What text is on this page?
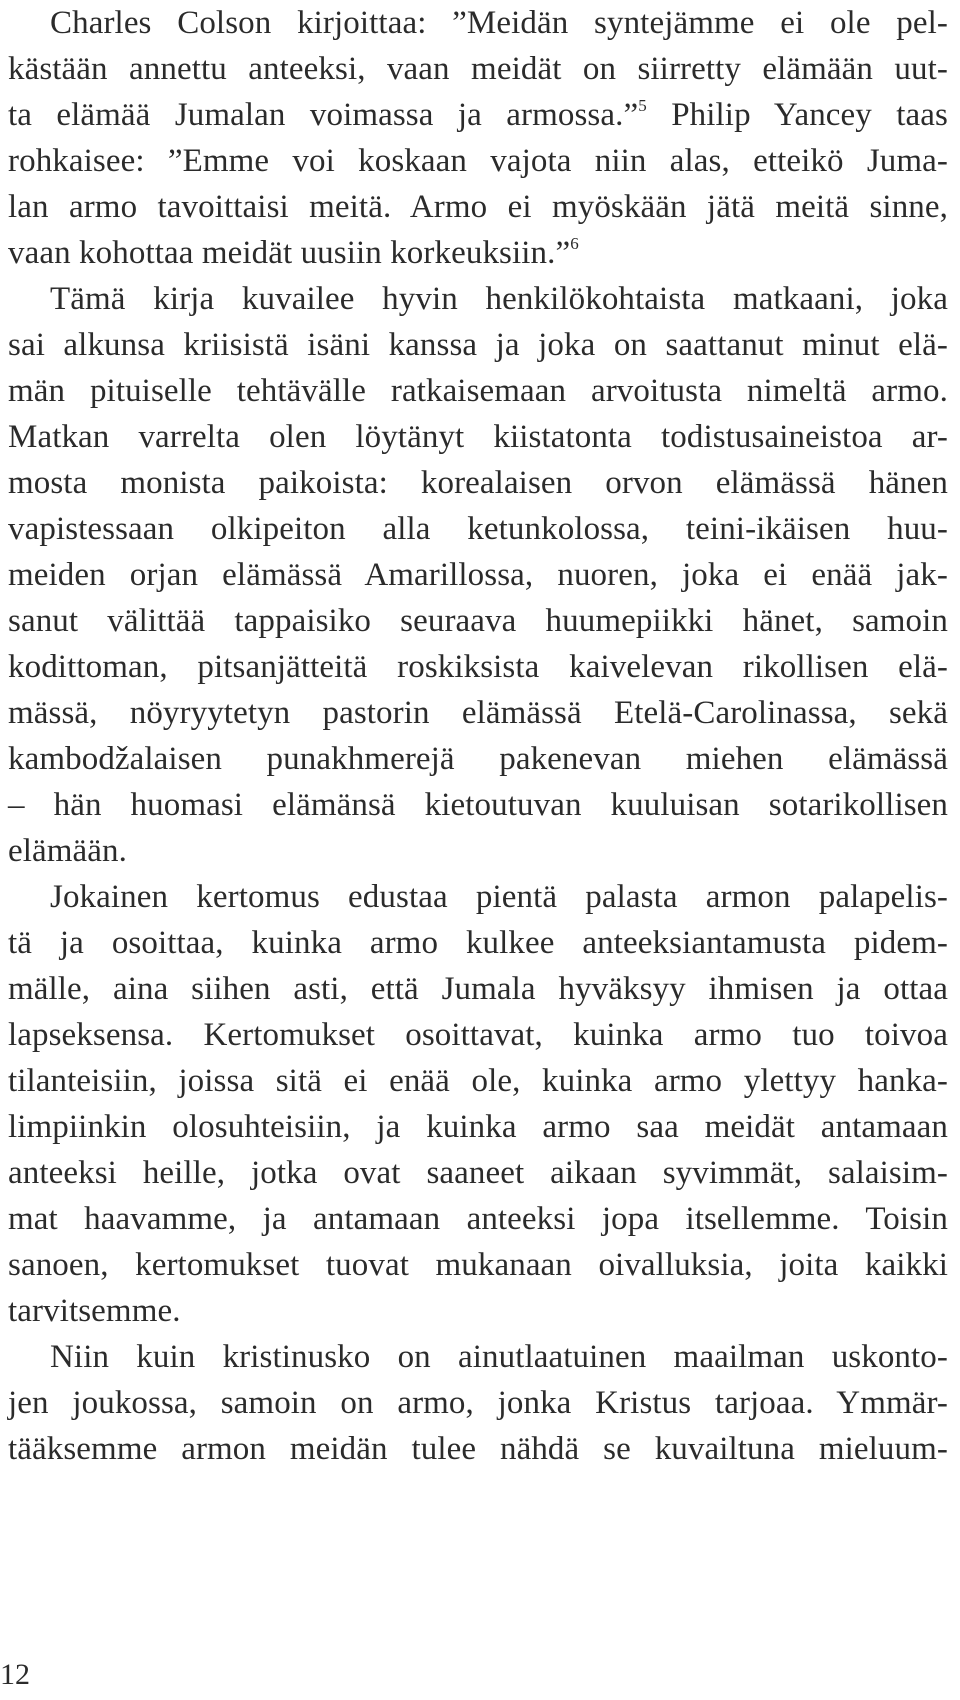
Charles Colson kirjoittaa: ”Meidän syntejämme ei ole pel-
kästään annettu anteeksi, vaan meidät on siirretty elämään uut-
ta elämää Jumalan voimassa ja armossa.”$^5$ Philip Yancey taas
rohkaisee: ”Emme voi koskaan vajota niin alas, etteikö Juma-
lan armo tavoittaisi meitä. Armo ei myöskään jätä meitä sinne,
vaan kohottaa meidät uusiin korkeuksiin.”$^6$
Tämä kirja kuvailee hyvin henkilökohtaista matkaani, joka
sai alkunsa kriisistä isäni kanssa ja joka on saattanut minut elä-
män pituiselle tehtävälle ratkaisemaan arvoitusta nimeltä armo.
Matkan varrelta olen löytänyt kiistatonta todistusaineistoa ar-
mosta monista paikoista: korealaisen orvon elämässä hänen
vapistessaan olkipeiton alla ketunkolossa, teini-ikäisen huu-
meiden orjan elämässä Amarillossa, nuoren, joka ei enää jak-
sanut välittää tappaisiko seuraava huumepiikki hänet, samoin
kodittoman, pitsanjätteitä roskiksista kaivelevan rikollisen elä-
mässä, nöyryytetyn pastorin elämässä Etelä-Carolinassa, sekä
kambodžalaisen punakhmerejä pakenevan miehen elämässä
– hän huomasi elämänsä kietoutuvan kuuluisan sotarikollisen
elämään.
Jokainen kertomus edustaa pientä palasta armon palapelis-
tä ja osoittaa, kuinka armo kulkee anteeksiantamusta pidem-
mälle, aina siihen asti, että Jumala hyväksyy ihmisen ja ottaa
lapseksensa. Kertomukset osoittavat, kuinka armo tuo toivoa
tilanteisiin, joissa sitä ei enää ole, kuinka armo ylettyy hanka-
limpiinkin olosuhteisiin, ja kuinka armo saa meidät antamaan
anteeksi heille, jotka ovat saaneet aikaan syvimmät, salaisim-
mat haavamme, ja antamaan anteeksi jopa itsellemme. Toisin
sanoen, kertomukset tuovat mukanaan oivalluksia, joita kaikki
tarvitsemme.
Niin kuin kristinusko on ainutlaatuinen maailman uskonto-
jen joukossa, samoin on armo, jonka Kristus tarjoaa. Ymmär-
tääksemme armon meidän tulee nähdä se kuvailtuna mieluum-
12
